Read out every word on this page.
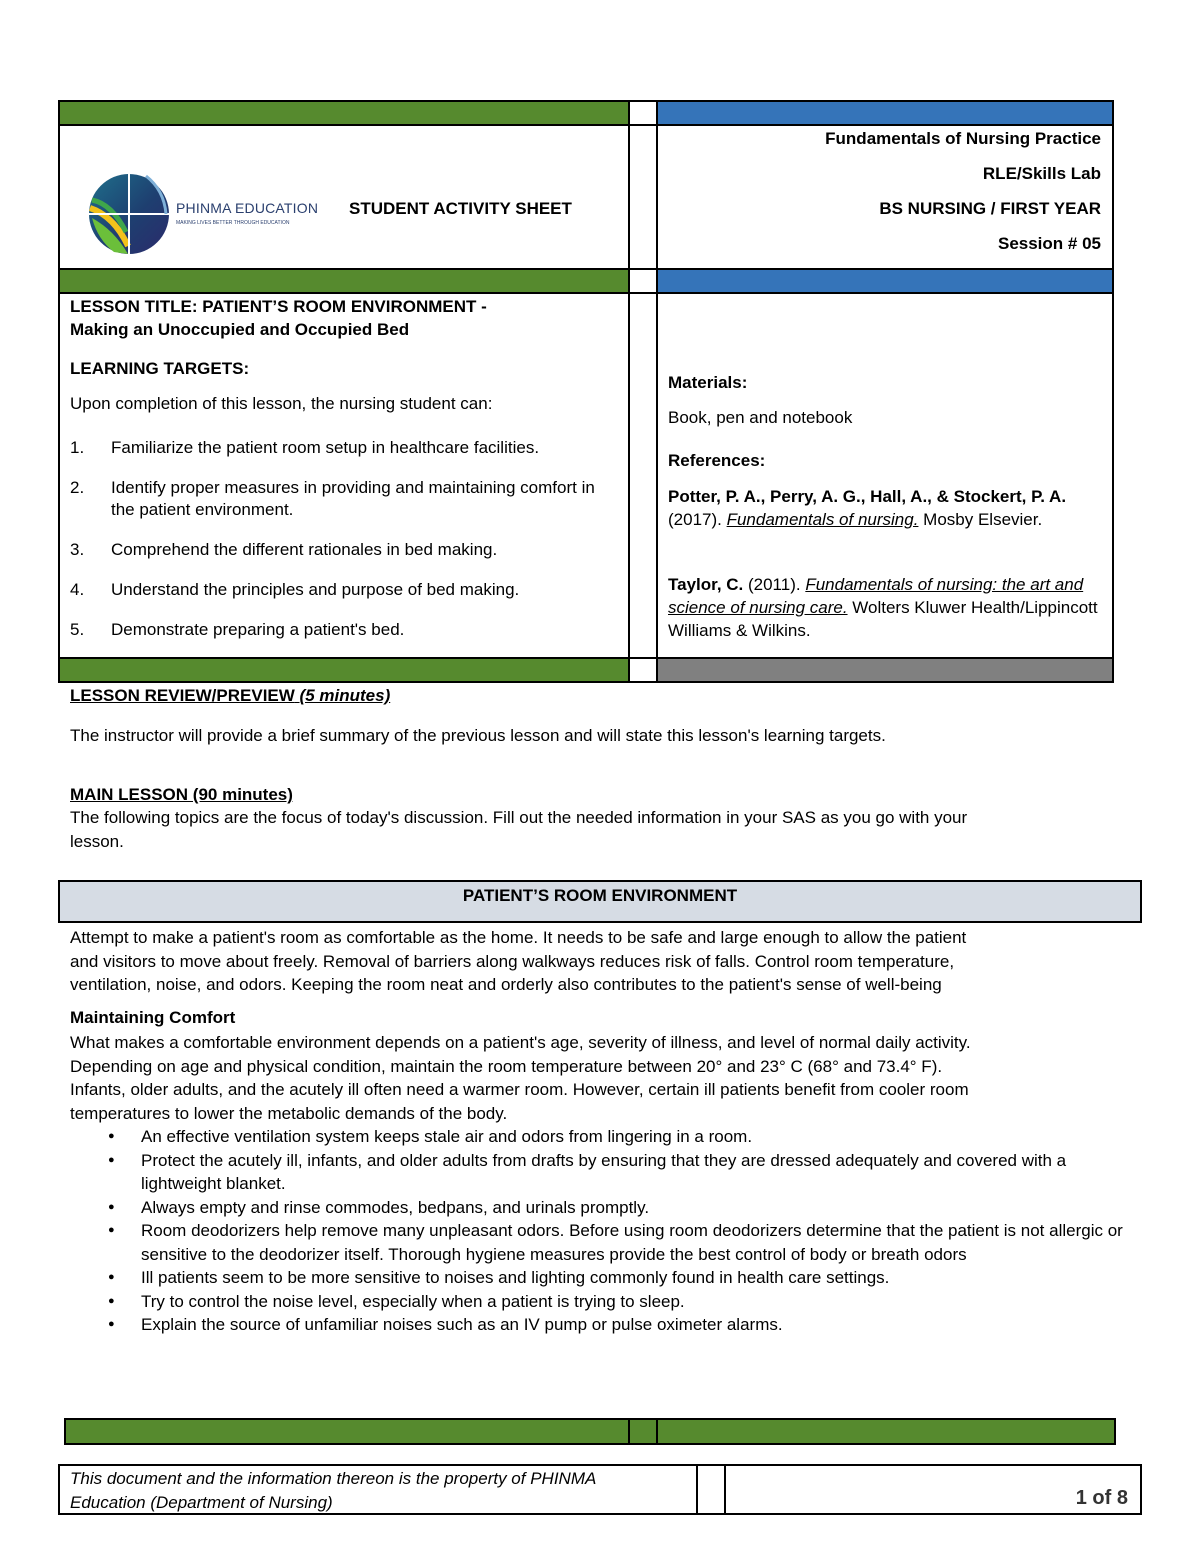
PHINMA EDUCATION
MAKING LIVES BETTER THROUGH EDUCATION
STUDENT ACTIVITY SHEET
Fundamentals of Nursing Practice
RLE/Skills Lab
BS NURSING / FIRST YEAR
Session # 05
LESSON TITLE: PATIENT’S ROOM ENVIRONMENT -
Making an Unoccupied and Occupied Bed
LEARNING TARGETS:
Upon completion of this lesson, the nursing student can:
1. Familiarize the patient room setup in healthcare facilities.
2. Identify proper measures in providing and maintaining comfort in the patient environment.
3. Comprehend the different rationales in bed making.
4. Understand the principles and purpose of bed making.
5. Demonstrate preparing a patient's bed.
Materials:
Book, pen and notebook
References:
Potter, P. A., Perry, A. G., Hall, A., & Stockert, P. A. (2017). Fundamentals of nursing. Mosby Elsevier.
Taylor, C. (2011). Fundamentals of nursing: the art and science of nursing care. Wolters Kluwer Health/Lippincott Williams & Wilkins.
LESSON REVIEW/PREVIEW (5 minutes)
The instructor will provide a brief summary of the previous lesson and will state this lesson's learning targets.
MAIN LESSON (90 minutes)
The following topics are the focus of today's discussion. Fill out the needed information in your SAS as you go with your
lesson.
PATIENT’S ROOM ENVIRONMENT
Attempt to make a patient's room as comfortable as the home. It needs to be safe and large enough to allow the patient
and visitors to move about freely. Removal of barriers along walkways reduces risk of falls. Control room temperature,
ventilation, noise, and odors. Keeping the room neat and orderly also contributes to the patient's sense of well-being
Maintaining Comfort
What makes a comfortable environment depends on a patient's age, severity of illness, and level of normal daily activity.
Depending on age and physical condition, maintain the room temperature between 20° and 23° C (68° and 73.4° F).
Infants, older adults, and the acutely ill often need a warmer room. However, certain ill patients benefit from cooler room
temperatures to lower the metabolic demands of the body.
● An effective ventilation system keeps stale air and odors from lingering in a room.
● Protect the acutely ill, infants, and older adults from drafts by ensuring that they are dressed adequately and covered with a lightweight blanket.
● Always empty and rinse commodes, bedpans, and urinals promptly.
● Room deodorizers help remove many unpleasant odors. Before using room deodorizers determine that the patient is not allergic or sensitive to the deodorizer itself. Thorough hygiene measures provide the best control of body or breath odors
● Ill patients seem to be more sensitive to noises and lighting commonly found in health care settings.
● Try to control the noise level, especially when a patient is trying to sleep.
● Explain the source of unfamiliar noises such as an IV pump or pulse oximeter alarms.
This document and the information thereon is the property of PHINMA
Education (Department of Nursing)	1 of 8
